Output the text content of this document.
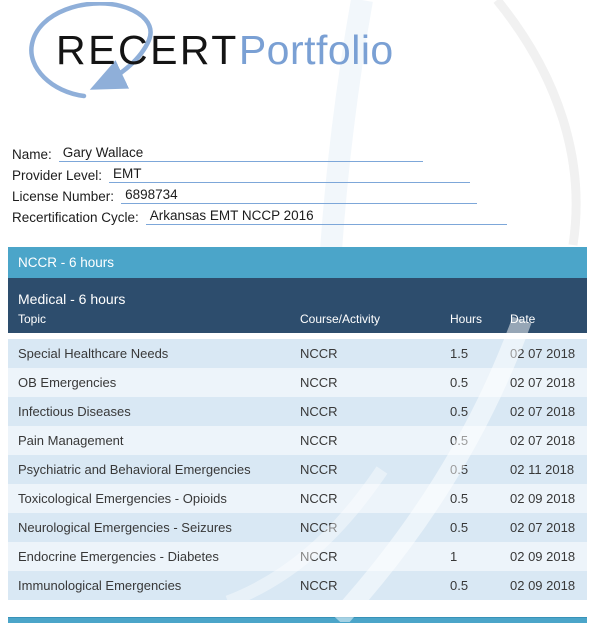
RECERTPortfolio
Name: Gary Wallace
Provider Level: EMT
License Number: 6898734
Recertification Cycle: Arkansas EMT NCCP 2016
NCCR - 6 hours
Medical - 6 hours
Topic	Course/Activity	Hours	Date
Special Healthcare Needs	NCCR	1.5	02 07 2018
OB Emergencies	NCCR	0.5	02 07 2018
Infectious Diseases	NCCR	0.5	02 07 2018
Pain Management	NCCR	0.5	02 07 2018
Psychiatric and Behavioral Emergencies	NCCR	0.5	02 11 2018
Toxicological Emergencies - Opioids	NCCR	0.5	02 09 2018
Neurological Emergencies - Seizures	NCCR	0.5	02 07 2018
Endocrine Emergencies - Diabetes	NCCR	1	02 09 2018
Immunological Emergencies	NCCR	0.5	02 09 2018
